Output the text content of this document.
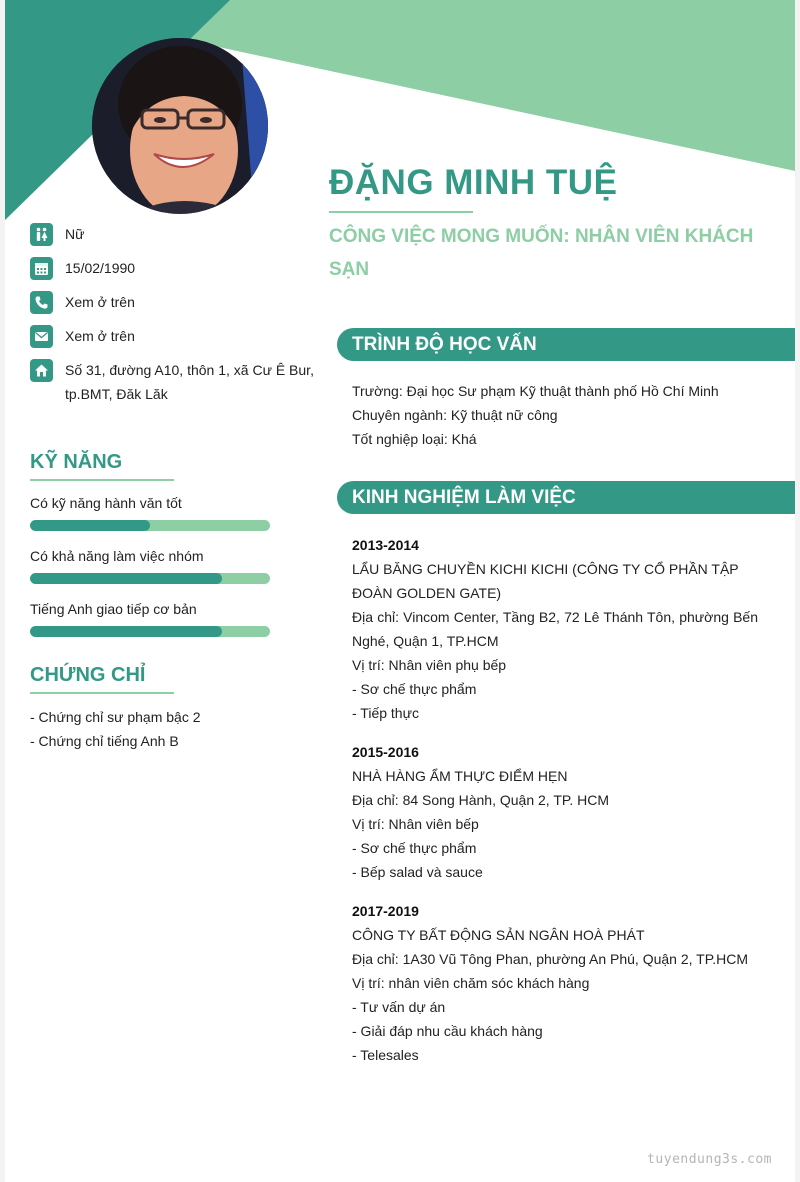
ĐẶNG MINH TUỆ
CÔNG VIỆC MONG MUỐN: NHÂN VIÊN KHÁCH SẠN
Nữ
15/02/1990
Xem ở trên
Xem ở trên
Số 31, đường A10, thôn 1, xã Cư Ê Bur, tp.BMT, Đăk Lăk
KỸ NĂNG
Có kỹ năng hành văn tốt
Có khả năng làm việc nhóm
Tiếng Anh giao tiếp cơ bản
CHỨNG CHỈ
- Chứng chỉ sư phạm bậc 2
- Chứng chỉ tiếng Anh B
TRÌNH ĐỘ HỌC VẤN
Trường: Đại học Sư phạm Kỹ thuật thành phố Hồ Chí Minh
Chuyên ngành: Kỹ thuật nữ công
Tốt nghiệp loại: Khá
KINH NGHIỆM LÀM VIỆC
2013-2014
LẨU BĂNG CHUYỀN KICHI KICHI (CÔNG TY CỔ PHẦN TẬP ĐOÀN GOLDEN GATE)
Địa chỉ: Vincom Center, Tầng B2, 72 Lê Thánh Tôn, phường Bến Nghé, Quận 1, TP.HCM
Vị trí: Nhân viên phụ bếp
- Sơ chế thực phẩm
- Tiếp thực
2015-2016
NHÀ HÀNG ẨM THỰC ĐIỂM HẸN
Địa chỉ: 84 Song Hành, Quận 2, TP. HCM
Vị trí: Nhân viên bếp
- Sơ chế thực phẩm
- Bếp salad và sauce
2017-2019
CÔNG TY BẤT ĐỘNG SẢN NGÂN HOÀ PHÁT
Địa chỉ: 1A30 Vũ Tông Phan, phường An Phú, Quận 2, TP.HCM
Vị trí: nhân viên chăm sóc khách hàng
- Tư vấn dự án
- Giải đáp nhu cầu khách hàng
- Telesales
tuyendung3s.com
